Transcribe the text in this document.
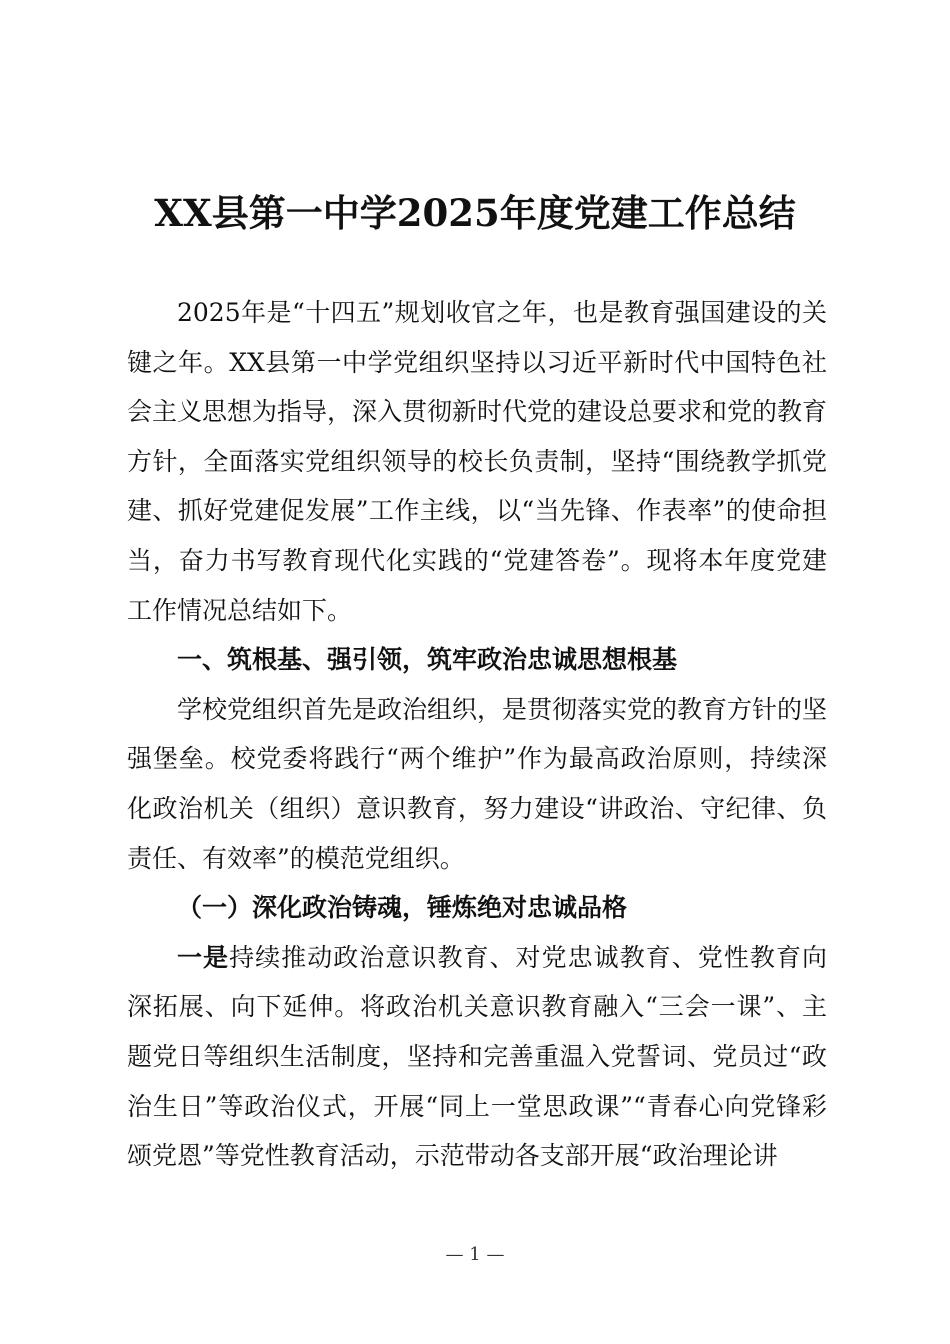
XX县第一中学2025年度党建工作总结

2025年是“十四五”规划收官之年，也是教育强国建设的关键之年。XX县第一中学党组织坚持以习近平新时代中国特色社会主义思想为指导，深入贯彻新时代党的建设总要求和党的教育方针，全面落实党组织领导的校长负责制，坚持“围绕教学抓党建、抓好党建促发展”工作主线，以“当先锋、作表率”的使命担当，奋力书写教育现代化实践的“党建答卷”。现将本年度党建工作情况总结如下。

一、筑根基、强引领，筑牢政治忠诚思想根基

学校党组织首先是政治组织，是贯彻落实党的教育方针的坚强堡垒。校党委将践行“两个维护”作为最高政治原则，持续深化政治机关（组织）意识教育，努力建设“讲政治、守纪律、负责任、有效率”的模范党组织。

（一）深化政治铸魂，锤炼绝对忠诚品格

一是持续推动政治意识教育、对党忠诚教育、党性教育向深拓展、向下延伸。将政治机关意识教育融入“三会一课”、主题党日等组织生活制度，坚持和完善重温入党誓词、党员过“政治生日”等政治仪式，开展“同上一堂思政课”“青春心向党锋彩颂党恩”等党性教育活动，示范带动各支部开展“政治理论讲

— 1 —
